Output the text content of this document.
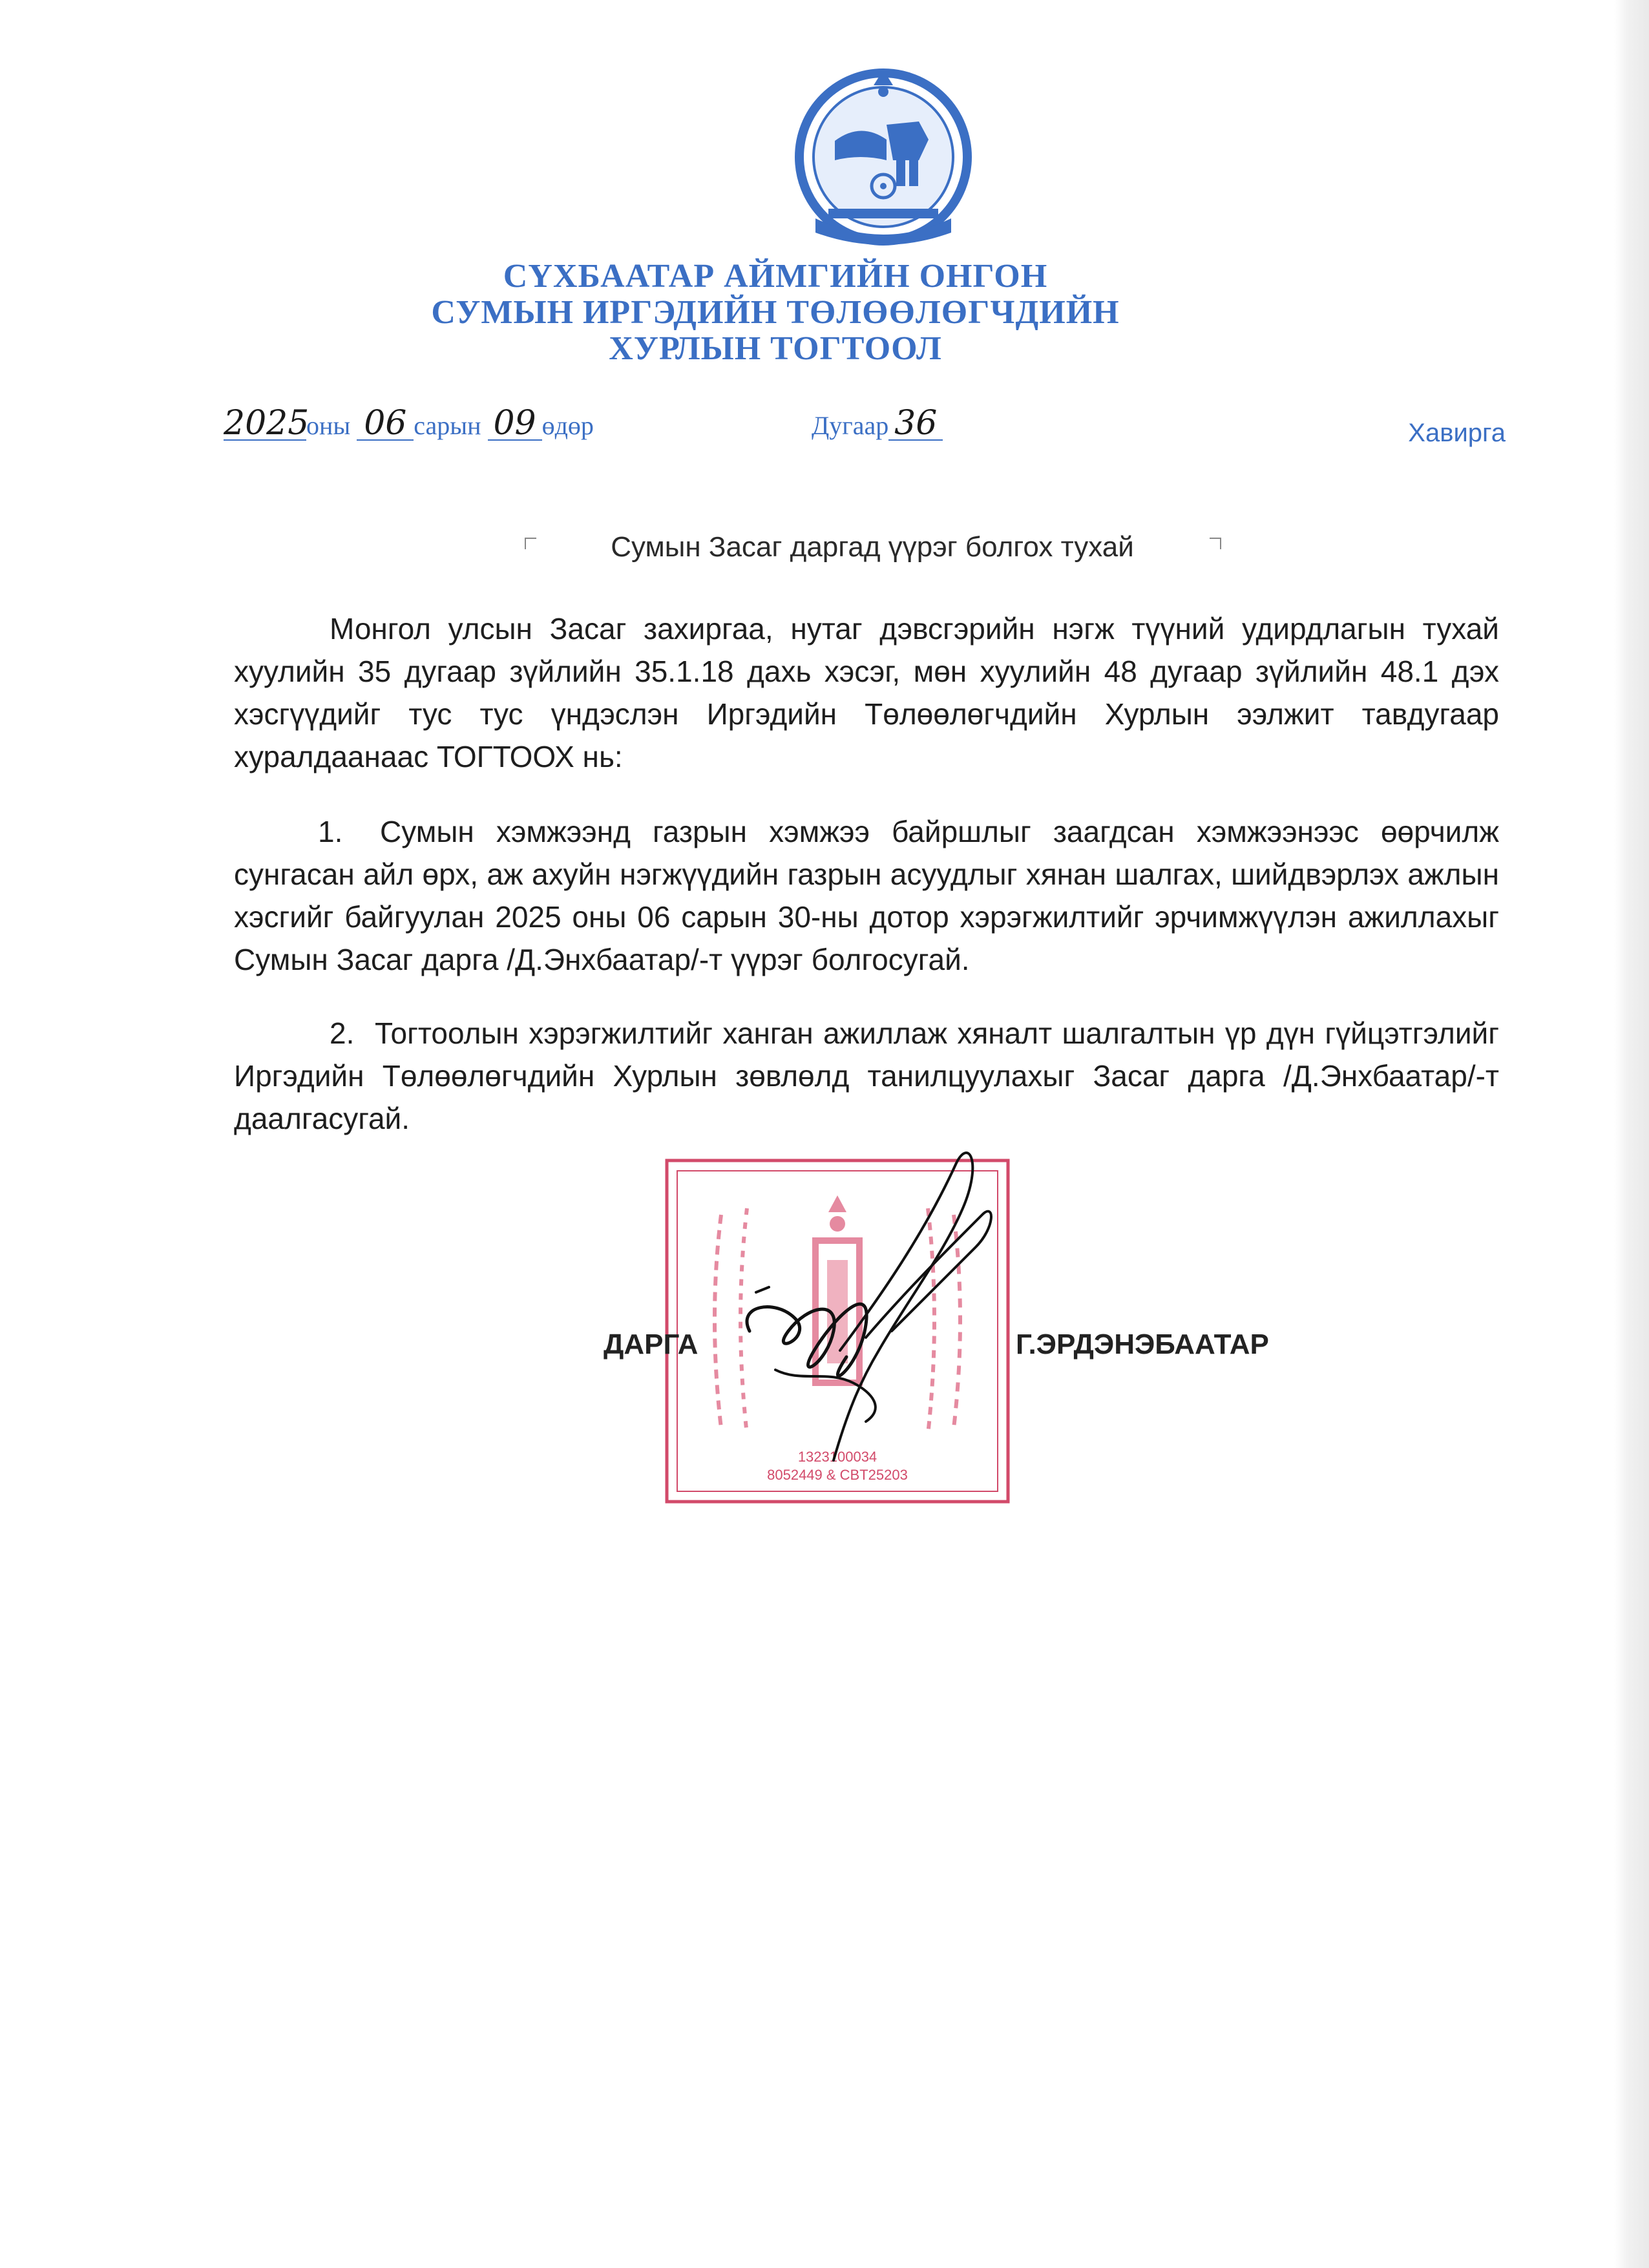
СҮХБААТАР АЙМГИЙН ОНГОН
СУМЫН ИРГЭДИЙН ТӨЛӨӨЛӨГЧДИЙН
ХУРЛЫН ТОГТООЛ
2025оны 06 сарын 09 өдөр	Дугаар 36	Хавирга
Сумын Засаг даргад үүрэг болгох тухай
Монгол улсын Засаг захиргаа, нутаг дэвсгэрийн нэгж түүний удирдлагын тухай хуулийн 35 дугаар зүйлийн 35.1.18 дахь хэсэг, мөн хуулийн 48 дугаар зүйлийн 48.1 дэх хэсгүүдийг тус тус үндэслэн Иргэдийн Төлөөлөгчдийн Хурлын ээлжит тавдугаар хуралдаанаас ТОГТООХ нь:
1. Сумын хэмжээнд газрын хэмжээ байршлыг заагдсан хэмжээнээс өөрчилж сунгасан айл өрх, аж ахуйн нэгжүүдийн газрын асуудлыг хянан шалгах, шийдвэрлэх ажлын хэсгийг байгуулан 2025 оны 06 сарын 30-ны дотор хэрэгжилтийг эрчимжүүлэн ажиллахыг Сумын Засаг дарга /Д.Энхбаатар/-т үүрэг болгосугай.
2. Тогтоолын хэрэгжилтийг ханган ажиллаж хяналт шалгалтын үр дүн гүйцэтгэлийг Иргэдийн Төлөөлөгчдийн Хурлын зөвлөлд танилцуулахыг Засаг дарга /Д.Энхбаатар/-т даалгасугай.
1323100034
8052449 & CBT25203
ДАРГА	Г.ЭРДЭНЭБААТАР
